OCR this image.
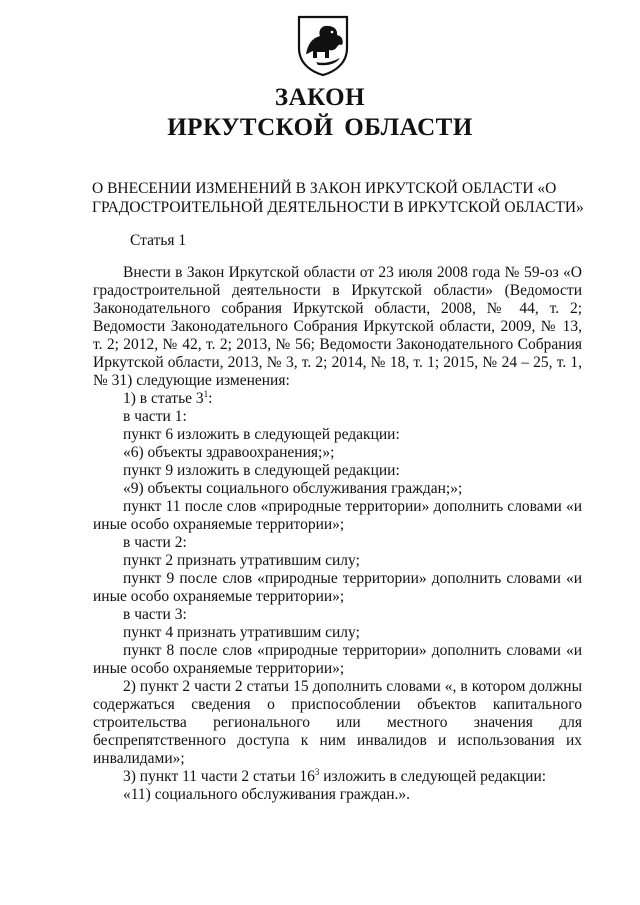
ЗАКОН
ИРКУТСКОЙ ОБЛАСТИ
О ВНЕСЕНИИ ИЗМЕНЕНИЙ В ЗАКОН ИРКУТСКОЙ ОБЛАСТИ «О ГРАДОСТРОИТЕЛЬНОЙ ДЕЯТЕЛЬНОСТИ В ИРКУТСКОЙ ОБЛАСТИ»
Статья 1

Внести в Закон Иркутской области от 23 июля 2008 года № 59-оз «О градостроительной деятельности в Иркутской области» (Ведомости Законодательного собрания Иркутской области, 2008, № 44, т. 2; Ведомости Законодательного Собрания Иркутской области, 2009, № 13, т. 2; 2012, № 42, т. 2; 2013, № 56; Ведомости Законодательного Собрания Иркутской области, 2013, № 3, т. 2; 2014, № 18, т. 1; 2015, № 24 – 25, т. 1, № 31) следующие изменения:

1) в статье $3^1$:

в части 1:

пункт 6 изложить в следующей редакции:

«6) объекты здравоохранения;»;

пункт 9 изложить в следующей редакции:

«9) объекты социального обслуживания граждан;»;

пункт 11 после слов «природные территории» дополнить словами «и иные особо охраняемые территории»;

в части 2:

пункт 2 признать утратившим силу;

пункт 9 после слов «природные территории» дополнить словами «и иные особо охраняемые территории»;

в части 3:

пункт 4 признать утратившим силу;

пункт 8 после слов «природные территории» дополнить словами «и иные особо охраняемые территории»;

2) пункт 2 части 2 статьи 15 дополнить словами «, в котором должны содержаться сведения о приспособлении объектов капитального строительства регионального или местного значения для беспрепятственного доступа к ним инвалидов и использования их инвалидами»;

3) пункт 11 части 2 статьи $16^3$ изложить в следующей редакции:

«11) социального обслуживания граждан.».
